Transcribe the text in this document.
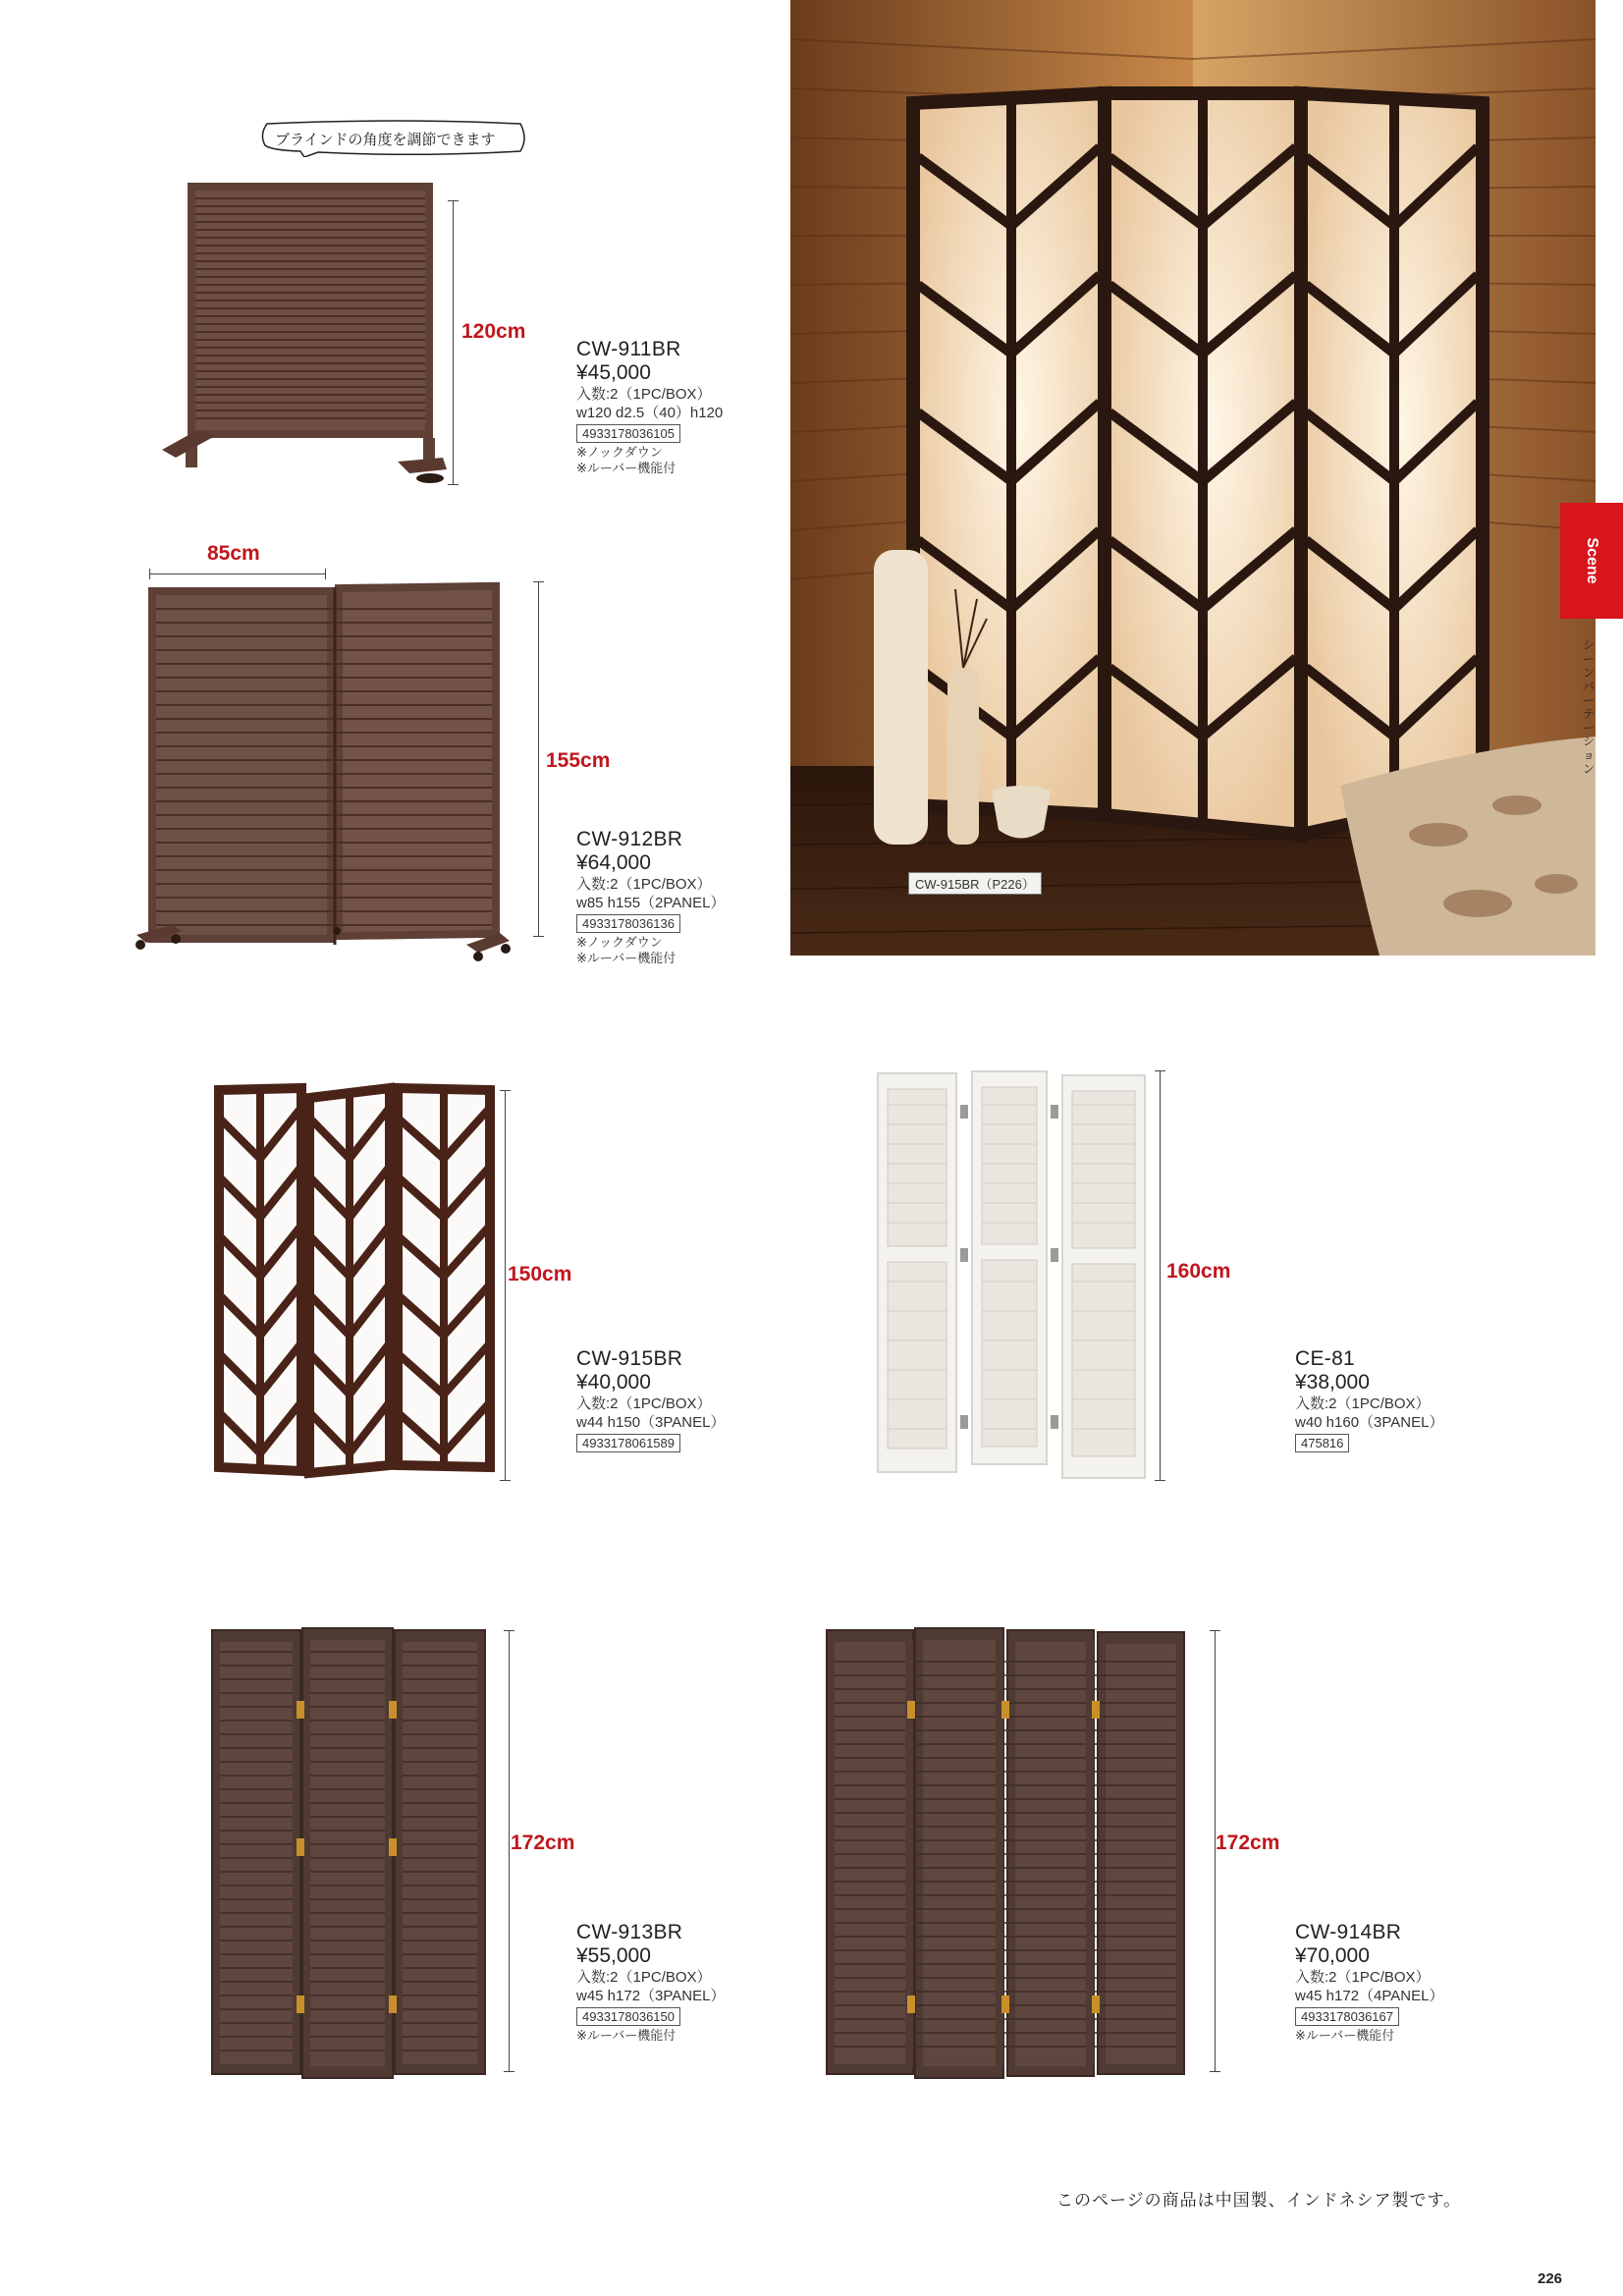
ブラインドの角度を調節できます
120cm
CW-911BR
¥45,000
入数:2（1PC/BOX）
w120 d2.5（40）h120
4933178036105
※ノックダウン
※ルーバー機能付
85cm
155cm
CW-912BR
¥64,000
入数:2（1PC/BOX）
w85 h155（2PANEL）
4933178036136
※ノックダウン
※ルーバー機能付
CW-915BR（P226）
Scene
シーン パーテーション
150cm
CW-915BR
¥40,000
入数:2（1PC/BOX）
w44 h150（3PANEL）
4933178061589
160cm
CE-81
¥38,000
入数:2（1PC/BOX）
w40 h160（3PANEL）
475816
172cm
CW-913BR
¥55,000
入数:2（1PC/BOX）
w45 h172（3PANEL）
4933178036150
※ルーバー機能付
172cm
CW-914BR
¥70,000
入数:2（1PC/BOX）
w45 h172（4PANEL）
4933178036167
※ルーバー機能付
このページの商品は中国製、インドネシア製です。
226
